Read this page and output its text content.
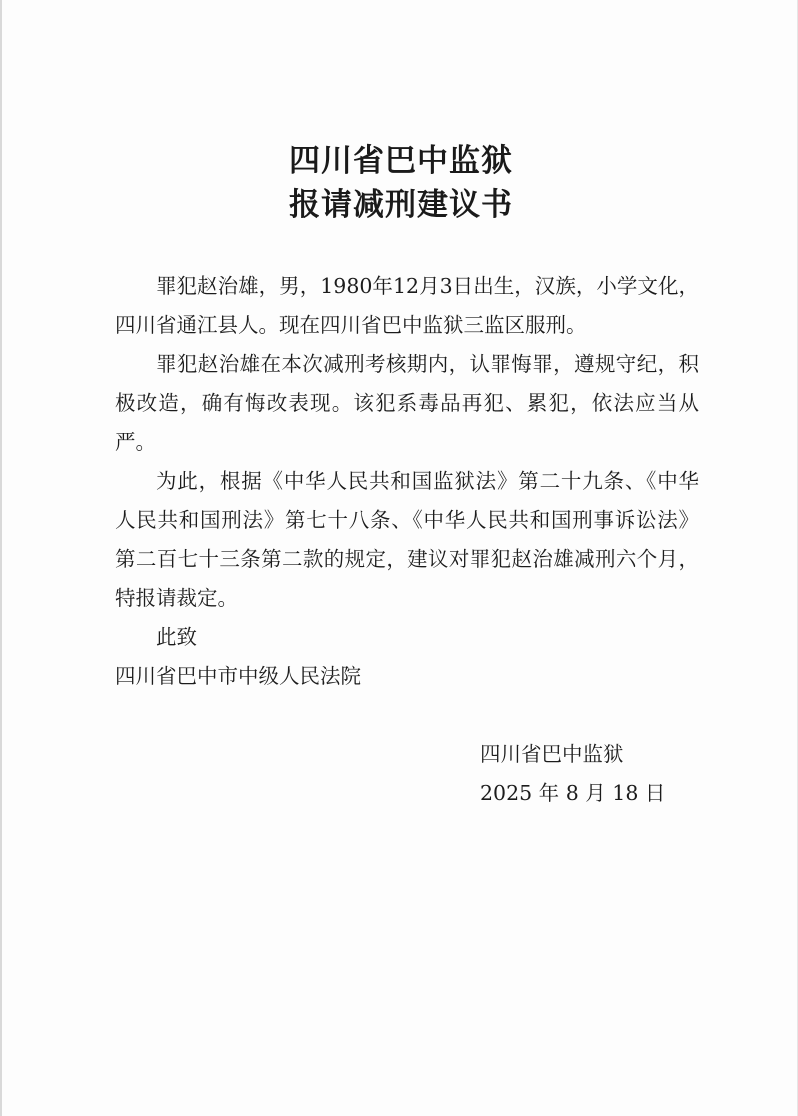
四川省巴中监狱
报请减刑建议书

罪犯赵治雄，男，1980年12月3日出生，汉族，小学文化，四川省通江县人。现在四川省巴中监狱三监区服刑。

罪犯赵治雄在本次减刑考核期内，认罪悔罪，遵规守纪，积极改造，确有悔改表现。该犯系毒品再犯、累犯，依法应当从严。

为此，根据《中华人民共和国监狱法》第二十九条、《中华人民共和国刑法》第七十八条、《中华人民共和国刑事诉讼法》第二百七十三条第二款的规定，建议对罪犯赵治雄减刑六个月，特报请裁定。

此致

四川省巴中市中级人民法院

四川省巴中监狱

2025 年 8 月 18 日
